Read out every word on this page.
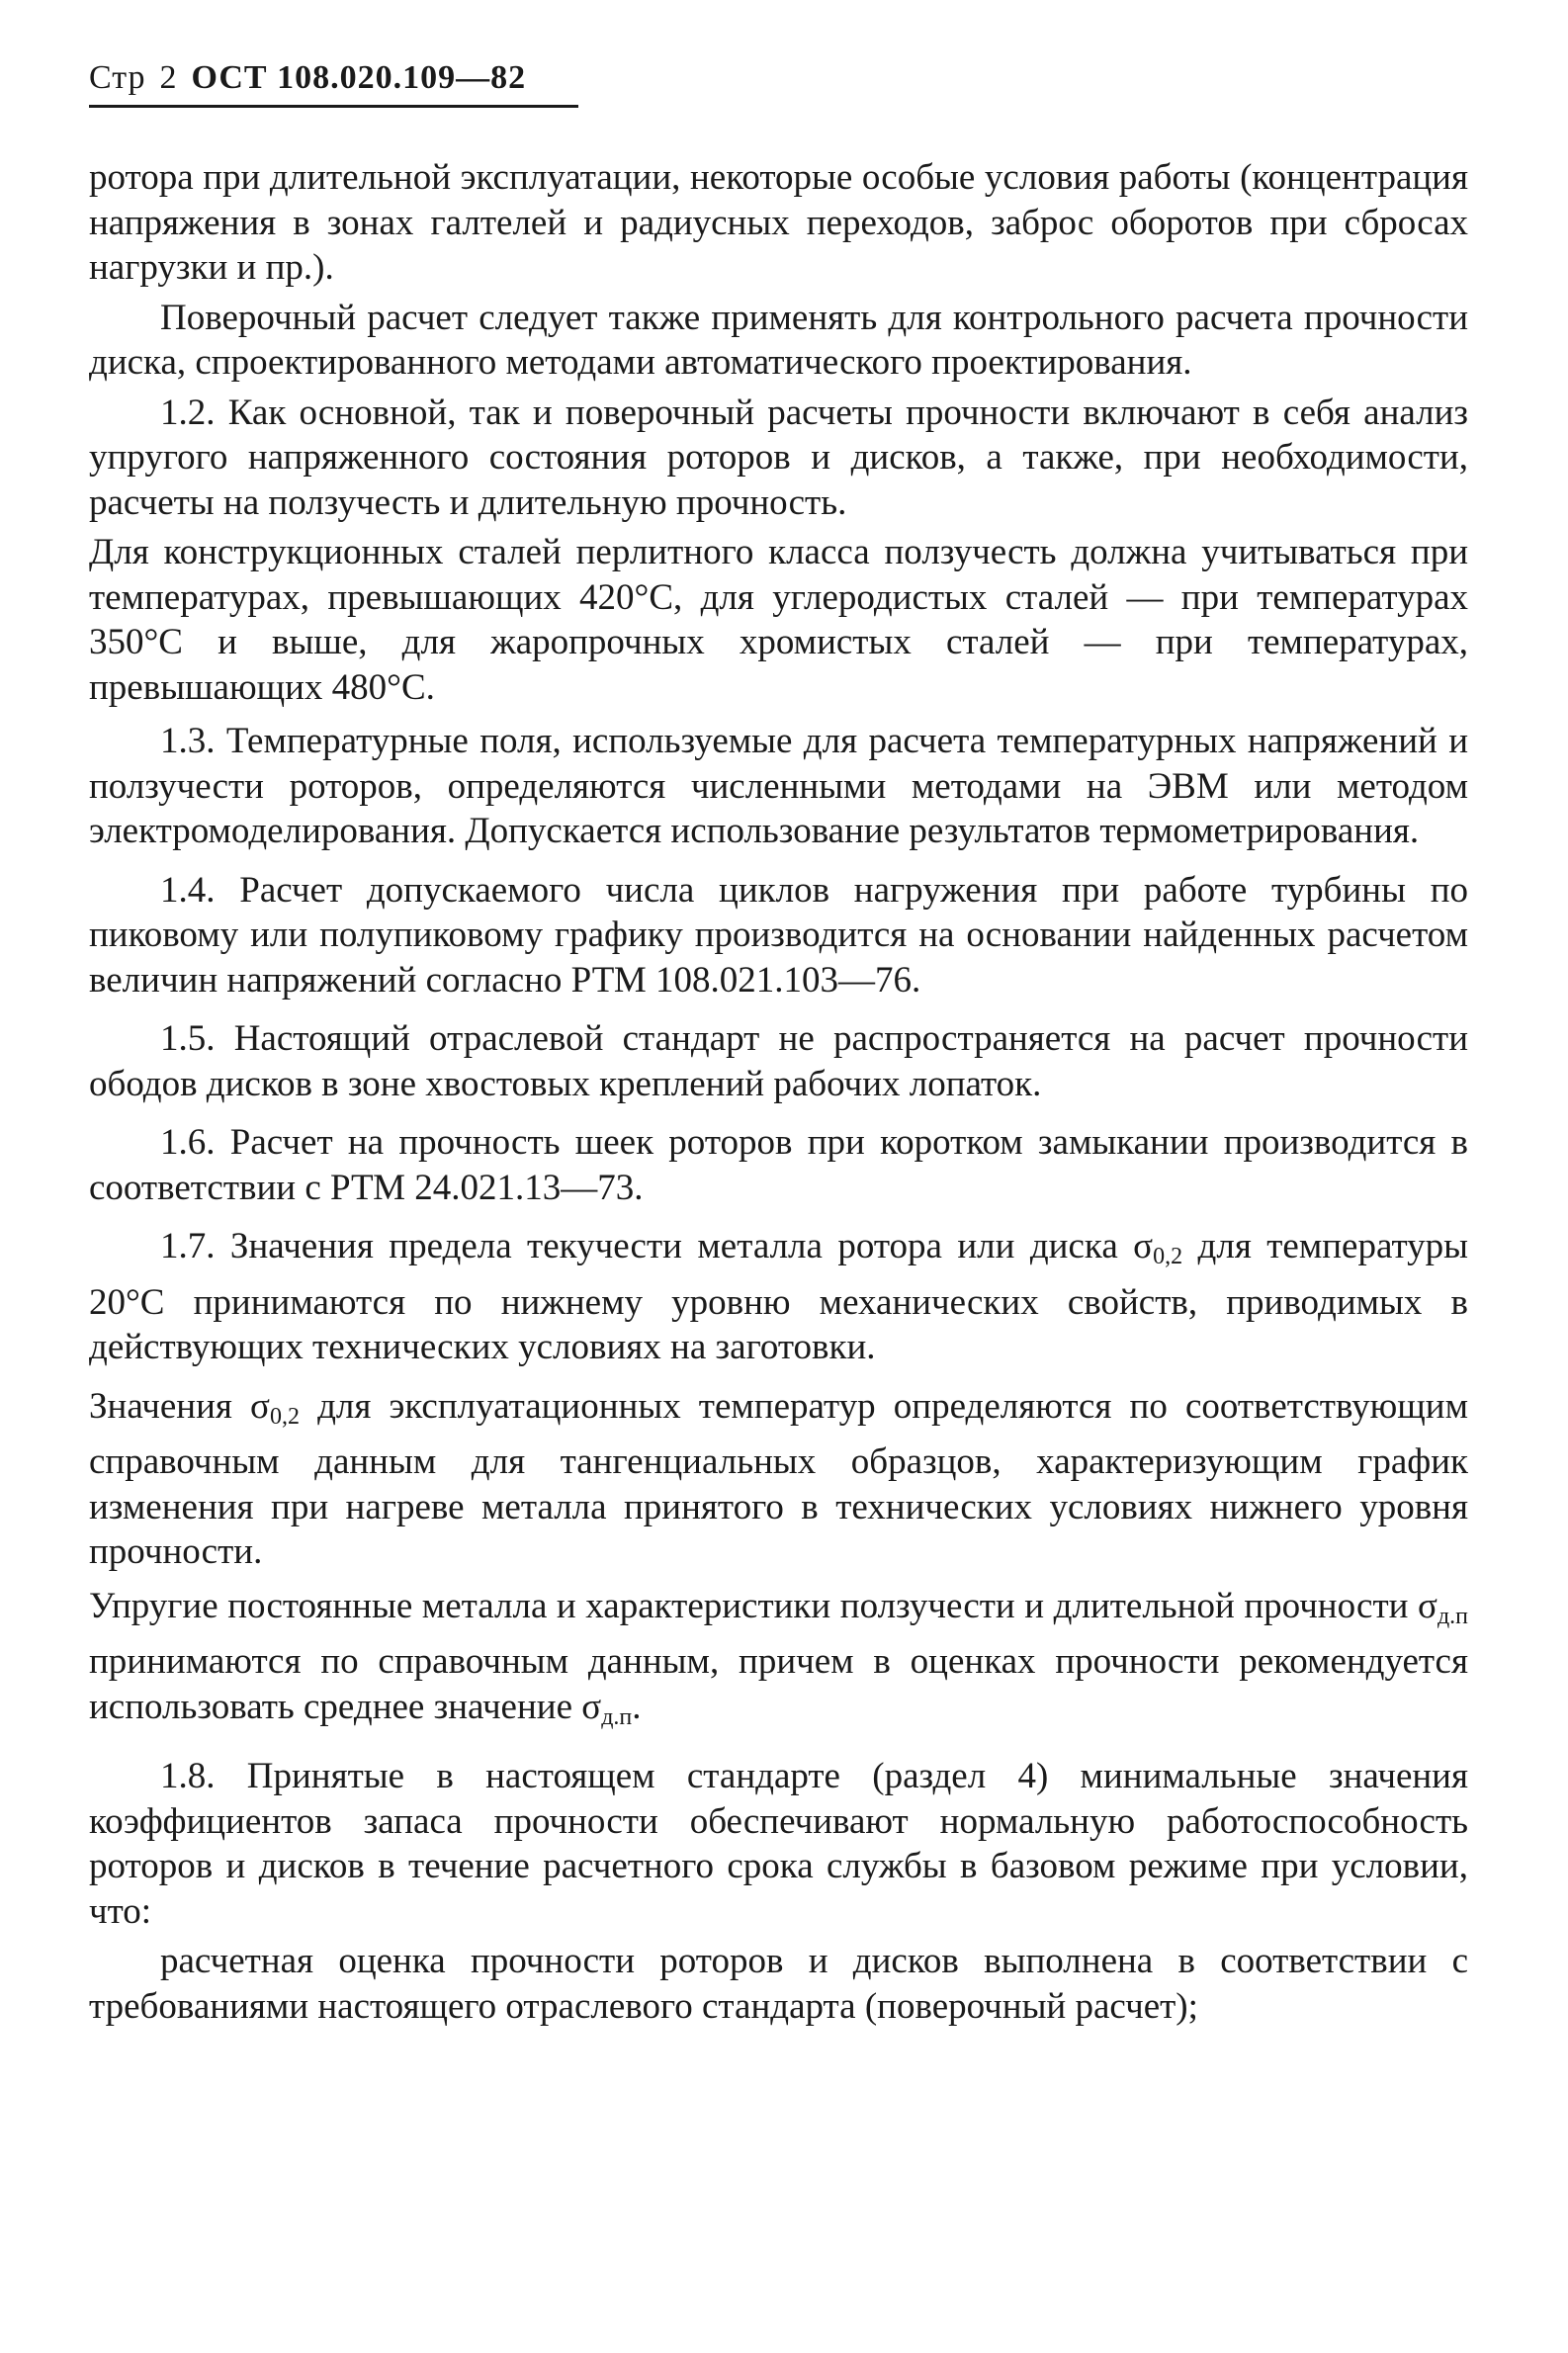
Стр 2 ОСТ 108.020.109—82

ротора при длительной эксплуатации, некоторые особые условия работы (концентрация напряжения в зонах галтелей и радиусных переходов, заброс оборотов при сбросах нагрузки и пр.).

Поверочный расчет следует также применять для контрольного расчета прочности диска, спроектированного методами автоматического проектирования.

1.2. Как основной, так и поверочный расчеты прочности включают в себя анализ упругого напряженного состояния роторов и дисков, а также, при необходимости, расчеты на ползучесть и длительную прочность.

Для конструкционных сталей перлитного класса ползучесть должна учитываться при температурах, превышающих 420°С, для углеродистых сталей — при температурах 350°С и выше, для жаропрочных хромистых сталей — при температурах, превышающих 480°С.

1.3. Температурные поля, используемые для расчета температурных напряжений и ползучести роторов, определяются численными методами на ЭВМ или методом электромоделирования. Допускается использование результатов термометрирования.

1.4. Расчет допускаемого числа циклов нагружения при работе турбины по пиковому или полупиковому графику производится на основании найденных расчетом величин напряжений согласно РТМ 108.021.103—76.

1.5. Настоящий отраслевой стандарт не распространяется на расчет прочности ободов дисков в зоне хвостовых креплений рабочих лопаток.

1.6. Расчет на прочность шеек роторов при коротком замыкании производится в соответствии с РТМ 24.021.13—73.

1.7. Значения предела текучести металла ротора или диска $\sigma_{0,2}$ для температуры 20°С принимаются по нижнему уровню механических свойств, приводимых в действующих технических условиях на заготовки.

Значения $\sigma_{0,2}$ для эксплуатационных температур определяются по соответствующим справочным данным для тангенциальных образцов, характеризующим график изменения при нагреве металла принятого в технических условиях нижнего уровня прочности.

Упругие постоянные металла и характеристики ползучести и длительной прочности $\sigma_{д.п}$ принимаются по справочным данным, причем в оценках прочности рекомендуется использовать среднее значение $\sigma_{д.п}$.

1.8. Принятые в настоящем стандарте (раздел 4) минимальные значения коэффициентов запаса прочности обеспечивают нормальную работоспособность роторов и дисков в течение расчетного срока службы в базовом режиме при условии, что:

расчетная оценка прочности роторов и дисков выполнена в соответствии с требованиями настоящего отраслевого стандарта (поверочный расчет);
